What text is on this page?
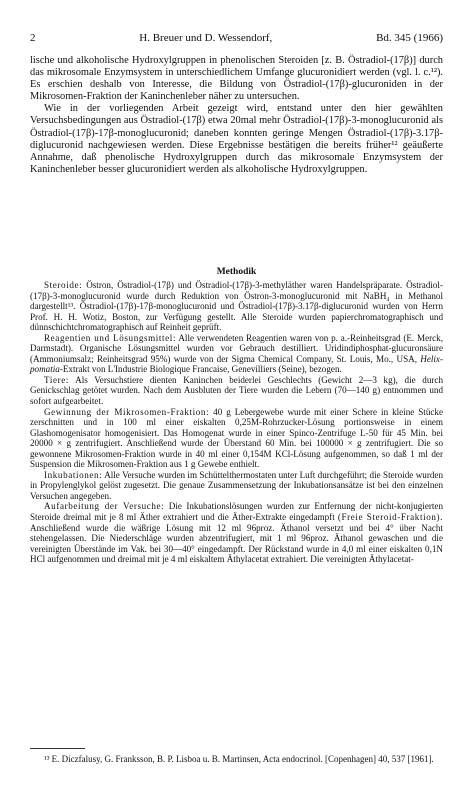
2	H. Breuer und D. Wessendorf,	Bd. 345 (1966)

lische und alkoholische Hydroxylgruppen in phenolischen Steroiden [z. B. Östradiol-(17β)] durch das mikrosomale Enzymsystem in unterschiedlichem Umfange glucuronidiert werden (vgl. l. c.¹²). Es erschien deshalb von Interesse, die Bildung von Östradiol-(17β)-glucuroniden in der Mikrosomen-Fraktion der Kaninchenleber näher zu untersuchen.

Wie in der vorliegenden Arbeit gezeigt wird, entstand unter den hier gewählten Versuchsbedingungen aus Östradiol-(17β) etwa 20mal mehr Östradiol-(17β)-3-monoglucuronid als Östradiol-(17β)-17β-monoglucuronid; daneben konnten geringe Mengen Östradiol-(17β)-3.17β-diglucuronid nachgewiesen werden. Diese Ergebnisse bestätigen die bereits früher¹² geäußerte Annahme, daß phenolische Hydroxylgruppen durch das mikrosomale Enzymsystem der Kaninchenleber besser glucuronidiert werden als alkoholische Hydroxylgruppen.

Methodik

Steroide: Östron, Östradiol-(17β) und Östradiol-(17β)-3-methyläther waren Handelspräparate. Östradiol-(17β)-3-monoglucuronid wurde durch Reduktion von Östron-3-monoglucuronid mit NaBH₄ in Methanol dargestellt¹³. Östradiol-(17β)-17β-monoglucuronid und Östradiol-(17β)-3.17β-diglucuronid wurden von Herrn Prof. H. H. Wotiz, Boston, zur Verfügung gestellt. Alle Steroide wurden papierchromatographisch und dünnschichtchromatographisch auf Reinheit geprüft.

Reagentien und Lösungsmittel: Alle verwendeten Reagentien waren von p. a.-Reinheitsgrad (E. Merck, Darmstadt). Organische Lösungsmittel wurden vor Gebrauch destilliert. Uridindiphosphat-glucuronsäure (Ammoniumsalz; Reinheitsgrad 95%) wurde von der Sigma Chemical Company, St. Louis, Mo., USA, Helix-pomatia-Extrakt von L'Industrie Biologique Francaise, Genevilliers (Seine), bezogen.

Tiere: Als Versuchstiere dienten Kaninchen beiderlei Geschlechts (Gewicht 2—3 kg), die durch Genickschlag getötet wurden. Nach dem Ausbluten der Tiere wurden die Lebern (70—140 g) entnommen und sofort aufgearbeitet.

Gewinnung der Mikrosomen-Fraktion: 40 g Lebergewebe wurde mit einer Schere in kleine Stücke zerschnitten und in 100 ml einer eiskalten 0,25M-Rohrzucker-Lösung portionsweise in einem Glashomogenisator homogenisiert. Das Homogenat wurde in einer Spinco-Zentrifuge L-50 für 45 Min. bei 20000 × g zentrifugiert. Anschließend wurde der Überstand 60 Min. bei 100000 × g zentrifugiert. Die so gewonnene Mikrosomen-Fraktion wurde in 40 ml einer 0,154M KCl-Lösung aufgenommen, so daß 1 ml der Suspension die Mikrosomen-Fraktion aus 1 g Gewebe enthielt.

Inkubationen: Alle Versuche wurden im Schüttelthermostaten unter Luft durchgeführt; die Steroide wurden in Propylenglykol gelöst zugesetzt. Die genaue Zusammensetzung der Inkubationsansätze ist bei den einzelnen Versuchen angegeben.

Aufarbeitung der Versuche: Die Inkubationslösungen wurden zur Entfernung der nicht-konjugierten Steroide dreimal mit je 8 ml Äther extrahiert und die Äther-Extrakte eingedampft (Freie Steroid-Fraktion). Anschließend wurde die wäßrige Lösung mit 12 ml 96proz. Äthanol versetzt und bei 4° über Nacht stehengelassen. Die Niederschläge wurden abzentrifugiert, mit 1 ml 96proz. Äthanol gewaschen und die vereinigten Überstände im Vak. bei 30—40° eingedampft. Der Rückstand wurde in 4,0 ml einer eiskalten 0,1N HCl aufgenommen und dreimal mit je 4 ml eiskaltem Äthylacetat extrahiert. Die vereinigten Äthylacetat-

¹³ E. Diczfalusy, G. Franksson, B. P. Lisboa u. B. Martinsen, Acta endocrinol. [Copenhagen] 40, 537 [1961].
